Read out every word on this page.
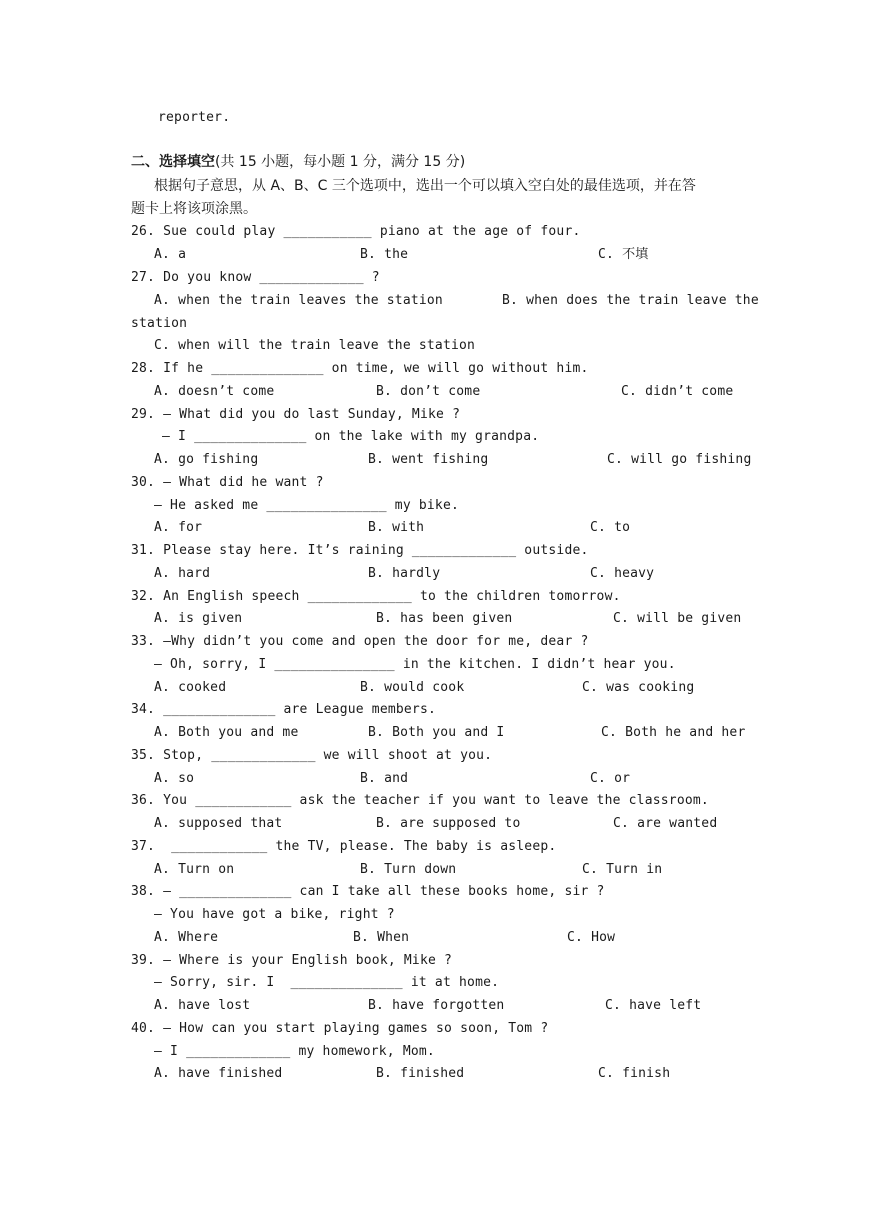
reporter.
二、选择填空(共 15 小题，每小题 1 分，满分 15 分)
根据句子意思，从 A、B、C 三个选项中，选出一个可以填入空白处的最佳选项，并在答
题卡上将该项涂黑。
26. Sue could play ___________ piano at the age of four.
A. a	B. the	C. 不填
27. Do you know _____________ ?
A. when the train leaves the station	B. when does the train leave the
station
C. when will the train leave the station
28. If he ______________ on time, we will go without him.
A. doesn’t come	B. don’t come	C. didn’t come
29. — What did you do last Sunday, Mike ?
— I ______________ on the lake with my grandpa.
A. go fishing	B. went fishing	C. will go fishing
30. — What did he want ?
— He asked me _______________ my bike.
A. for	B. with	C. to
31. Please stay here. It’s raining _____________ outside.
A. hard	B. hardly	C. heavy
32. An English speech _____________ to the children tomorrow.
A. is given	B. has been given	C. will be given
33. —Why didn’t you come and open the door for me, dear ?
— Oh, sorry, I _______________ in the kitchen. I didn’t hear you.
A. cooked	B. would cook	C. was cooking
34. ______________ are League members.
A. Both you and me	B. Both you and I	C. Both he and her
35. Stop, _____________ we will shoot at you.
A. so	B. and	C. or
36. You ____________ ask the teacher if you want to leave the classroom.
A. supposed that	B. are supposed to	C. are wanted
37.  ____________ the TV, please. The baby is asleep.
A. Turn on	B. Turn down	C. Turn in
38. — ______________ can I take all these books home, sir ?
— You have got a bike, right ?
A. Where	B. When	C. How
39. — Where is your English book, Mike ?
— Sorry, sir. I  ______________ it at home.
A. have lost	B. have forgotten	C. have left
40. — How can you start playing games so soon, Tom ?
— I _____________ my homework, Mom.
A. have finished	B. finished	C. finish
